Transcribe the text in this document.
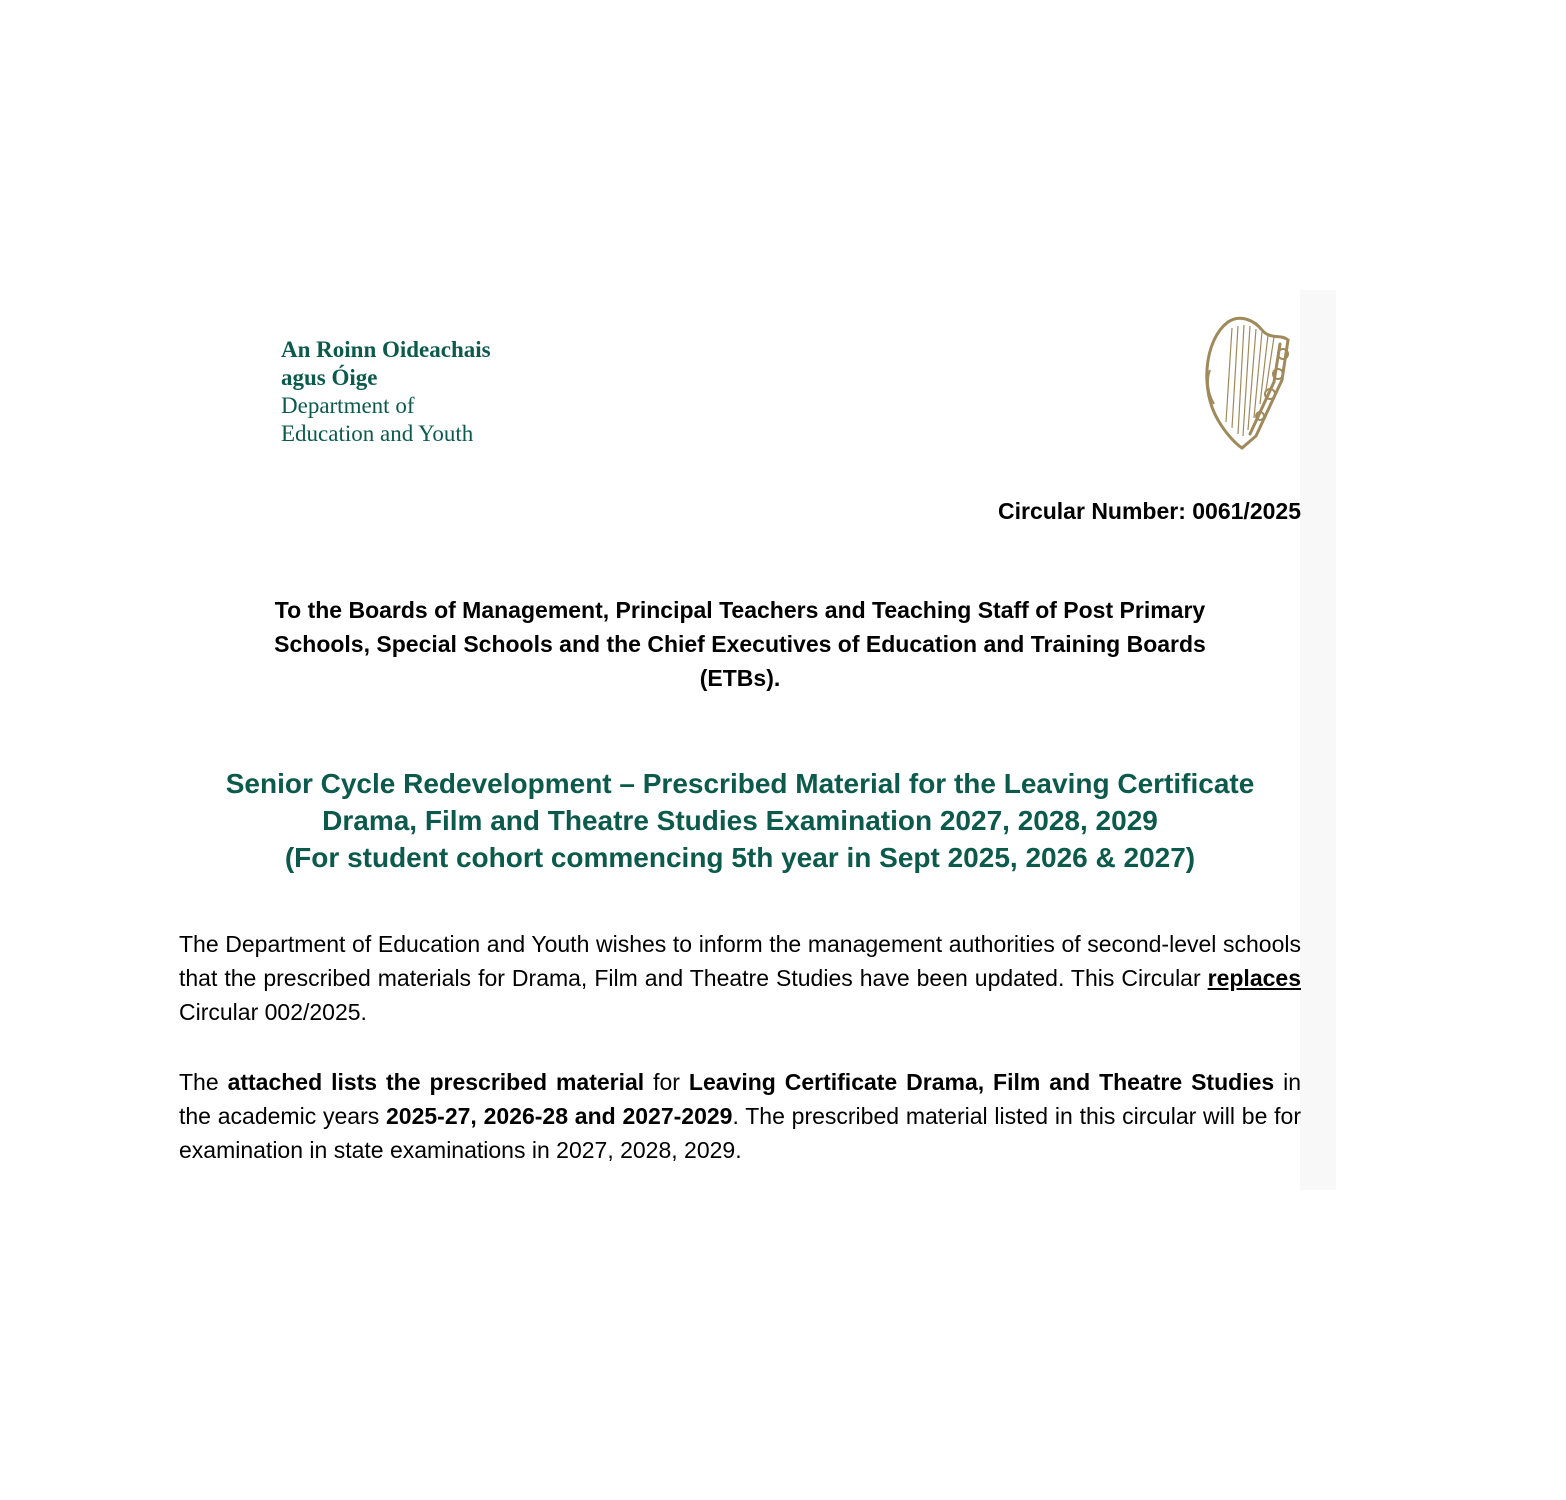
An Roinn Oideachais
agus Óige
Department of
Education and Youth
Circular Number: 0061/2025
To the Boards of Management, Principal Teachers and Teaching Staff of Post Primary
Schools, Special Schools and the Chief Executives of Education and Training Boards
(ETBs).
Senior Cycle Redevelopment – Prescribed Material for the Leaving Certificate
Drama, Film and Theatre Studies Examination 2027, 2028, 2029
(For student cohort commencing 5th year in Sept 2025, 2026 & 2027)
The Department of Education and Youth wishes to inform the management authorities of second-level schools that the prescribed materials for Drama, Film and Theatre Studies have been updated. This Circular replaces Circular 002/2025.
The attached lists the prescribed material for Leaving Certificate Drama, Film and Theatre Studies in the academic years 2025-27, 2026-28 and 2027-2029. The prescribed material listed in this circular will be for examination in state examinations in 2027, 2028, 2029.
